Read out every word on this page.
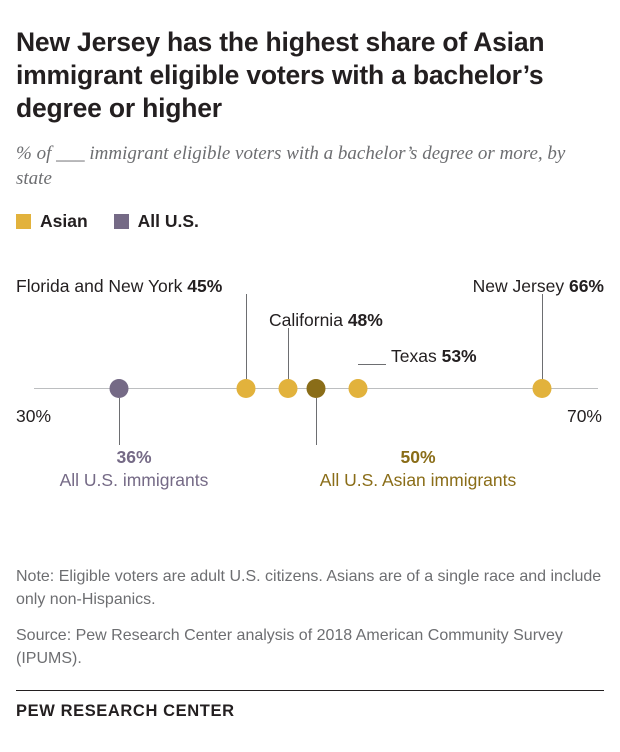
New Jersey has the highest share of Asian immigrant eligible voters with a bachelor’s degree or higher
% of ___ immigrant eligible voters with a bachelor’s degree or more, by state
Asian	All U.S.
30%	70%
Florida and New York 45%
California 48%
Texas 53%
New Jersey 66%
36%
All U.S. immigrants
50%
All U.S. Asian immigrants

Note: Eligible voters are adult U.S. citizens. Asians are of a single race and include only non-Hispanics.

Source: Pew Research Center analysis of 2018 American Community Survey (IPUMS).

PEW RESEARCH CENTER
